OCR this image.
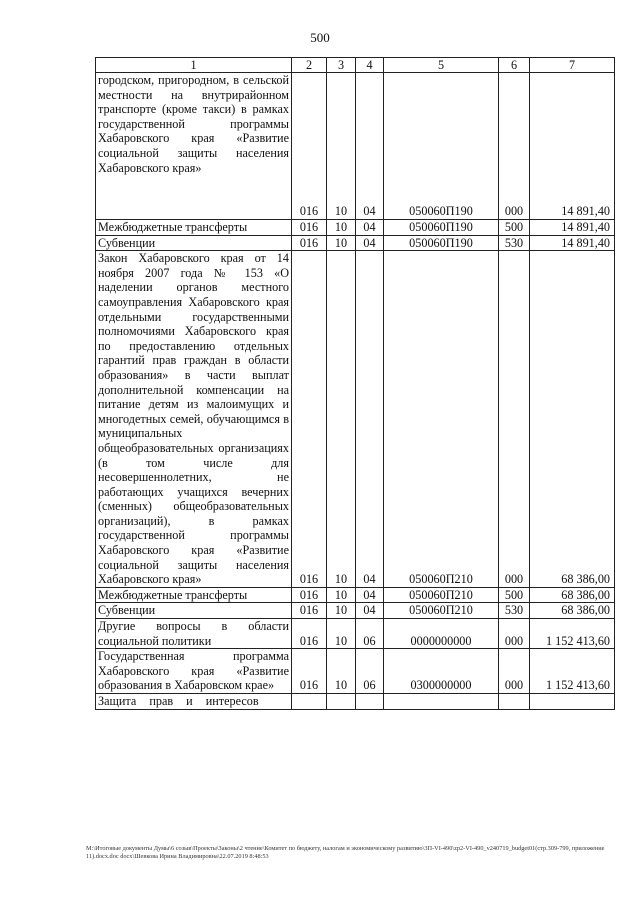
500
1	2	3	4	5	6	7
городском, пригородном, в сельской местности на внутрирайонном транспорте (кроме такси) в рамках государственной программы Хабаровского края «Развитие социальной защиты населения Хабаровского края»	016	10	04	050060П190	000	14 891,40
Межбюджетные трансферты	016	10	04	050060П190	500	14 891,40
Субвенции	016	10	04	050060П190	530	14 891,40
Закон Хабаровского края от 14 ноября 2007 года № 153 «О наделении органов местного самоуправления Хабаровского края отдельными государственными полномочиями Хабаровского края по предоставлению отдельных гарантий прав граждан в области образования» в части выплат дополнительной компенсации на питание детям из малоимущих и многодетных семей, обучающимся в муниципальных общеобразовательных организациях (в том числе для несовершеннолетних, не работающих учащихся вечерних (сменных) общеобразовательных организаций), в рамках государственной программы Хабаровского края «Развитие социальной защиты населения Хабаровского края»	016	10	04	050060П210	000	68 386,00
Межбюджетные трансферты	016	10	04	050060П210	500	68 386,00
Субвенции	016	10	04	050060П210	530	68 386,00
Другие вопросы в области социальной политики	016	10	06	0000000000	000	1 152 413,60
Государственная программа Хабаровского края «Развитие образования в Хабаровском крае»	016	10	06	0300000000	000	1 152 413,60
Защита прав и интересов						
М:\Итоговые документы Думы\6 созыв\Проекты\Законы\2 чтение\Комитет по бюджету, налогам и экономическому развитию\3П-VI-490\zp2-VI-490_v240719_budget01(стр.309-799, приложение 11).docx.doc docx\Шевкова Ирина Владимировна\22.07.2019 8:48:53
